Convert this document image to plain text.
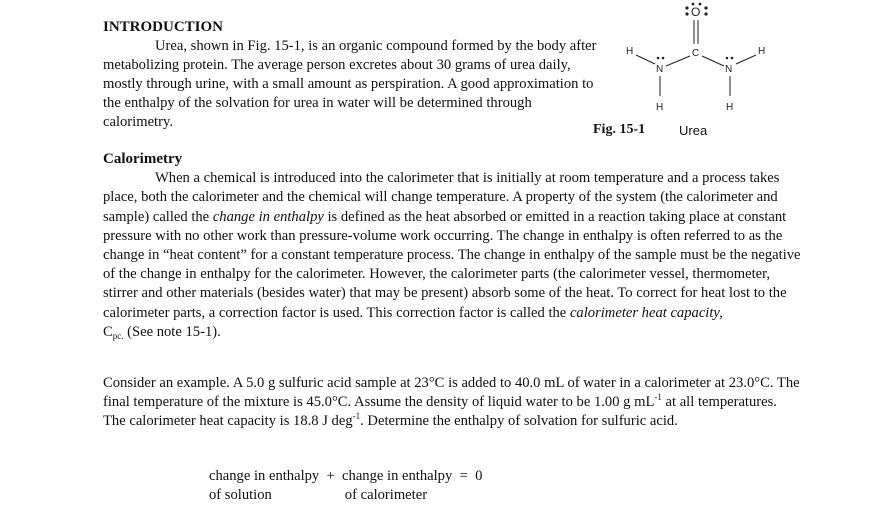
INTRODUCTION

Urea, shown in Fig. 15-1, is an organic compound formed by the body after metabolizing protein. The average person excretes about 30 grams of urea daily, mostly through urine, with a small amount as perspiration. A good approximation to the enthalpy of the solvation for urea in water will be determined through calorimetry.

O
C
N	N
H
H
H
H
Fig. 15-1	Urea
Calorimetry

When a chemical is introduced into the calorimeter that is initially at room temperature and a process takes place, both the calorimeter and the chemical will change temperature. A property of the system (the calorimeter and sample) called the change in enthalpy is defined as the heat absorbed or emitted in a reaction taking place at constant pressure with no other work than pressure-volume work occurring. The change in enthalpy is often referred to as the change in “heat content” for a constant temperature process. The change in enthalpy of the sample must be the negative of the change in enthalpy for the calorimeter. However, the calorimeter parts (the calorimeter vessel, thermometer, stirrer and other materials (besides water) that may be present) absorb some of the heat. To correct for heat lost to the calorimeter parts, a correction factor is used. This correction factor is called the calorimeter heat capacity,
$C_{pc.}$ (See note 15-1).

Consider an example. A 5.0 g sulfuric acid sample at 23°C is added to 40.0 mL of water in a calorimeter at 23.0°C. The final temperature of the mixture is 45.0°C. Assume the density of liquid water to be 1.00 g $mL^{-1}$ at all temperatures. The calorimeter heat capacity is 18.8 J deg$^{-1}$. Determine the enthalpy of solvation for sulfuric acid.

change in enthalpy  +  change in enthalpy  =  0
of solution                    of calorimeter
